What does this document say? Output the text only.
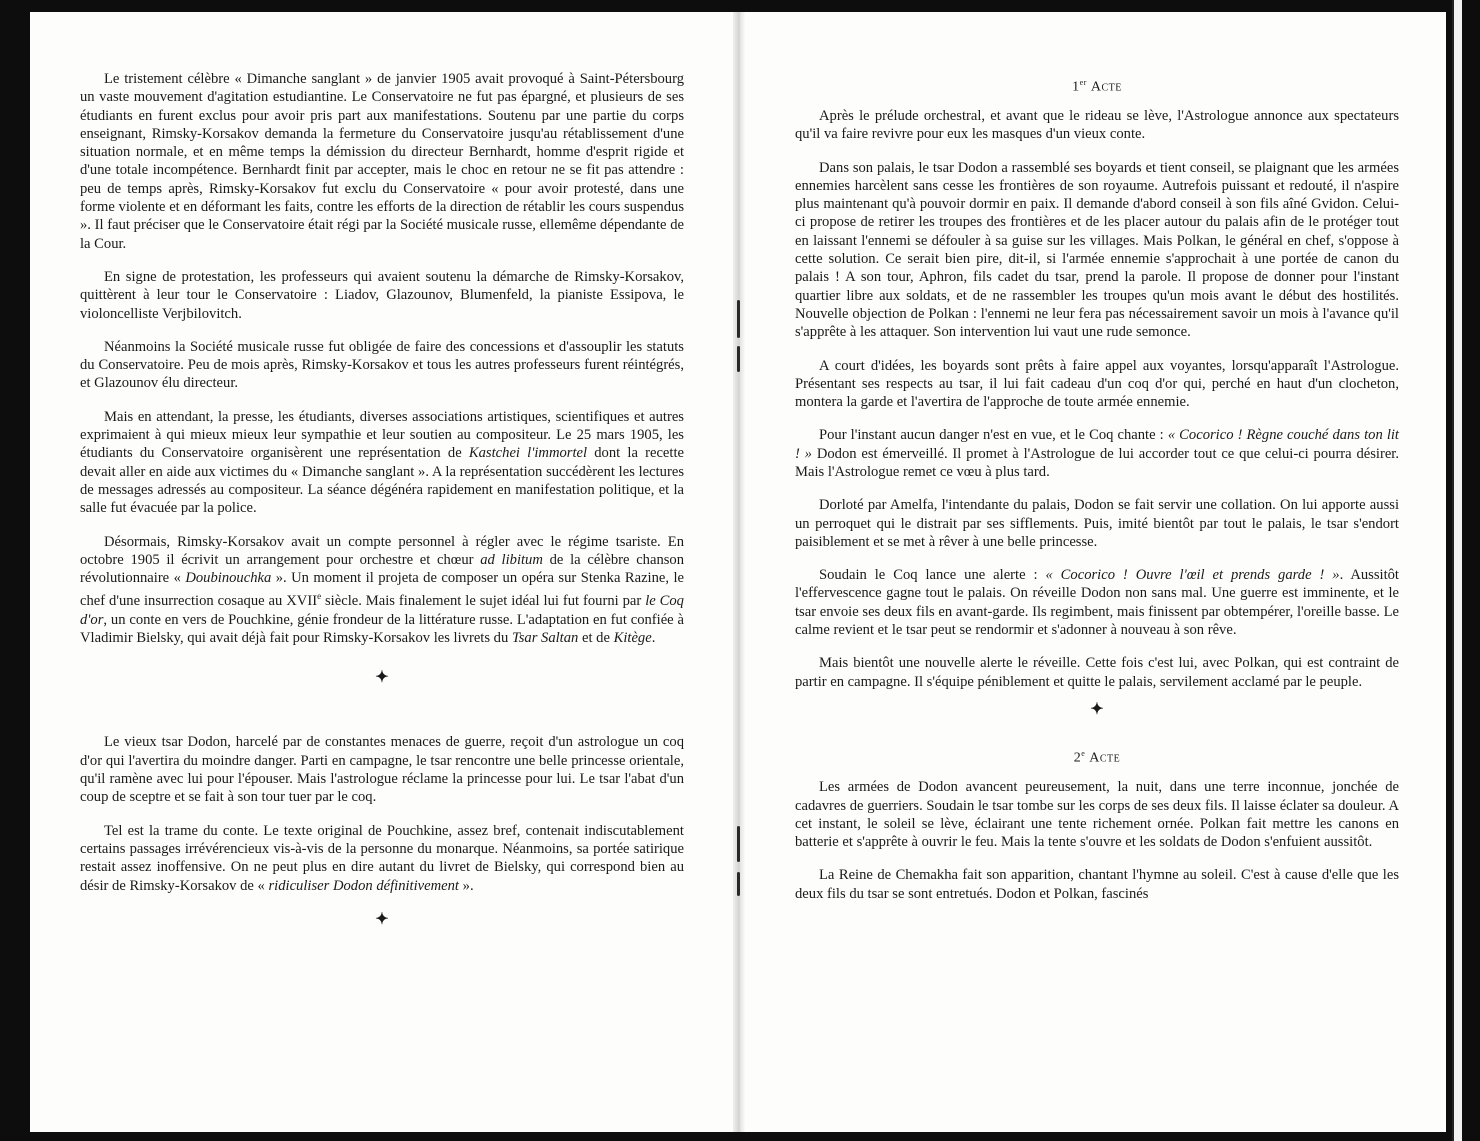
Le tristement célèbre « Dimanche sanglant » de janvier 1905 avait provoqué à Saint-Pétersbourg un vaste mouvement d'agitation estudiantine. Le Conservatoire ne fut pas épargné, et plusieurs de ses étudiants en furent exclus pour avoir pris part aux manifestations. Soutenu par une partie du corps enseignant, Rimsky-Korsakov demanda la fermeture du Conservatoire jusqu'au rétablissement d'une situation normale, et en même temps la démission du directeur Bernhardt, homme d'esprit rigide et d'une totale incompétence. Bernhardt finit par accepter, mais le choc en retour ne se fit pas attendre : peu de temps après, Rimsky-Korsakov fut exclu du Conservatoire « pour avoir protesté, dans une forme violente et en déformant les faits, contre les efforts de la direction de rétablir les cours suspendus ». Il faut préciser que le Conservatoire était régi par la Société musicale russe, ellemême dépendante de la Cour.

En signe de protestation, les professeurs qui avaient soutenu la démarche de Rimsky-Korsakov, quittèrent à leur tour le Conservatoire : Liadov, Glazounov, Blumenfeld, la pianiste Essipova, le violoncelliste Verjbilovitch.

Néanmoins la Société musicale russe fut obligée de faire des concessions et d'assouplir les statuts du Conservatoire. Peu de mois après, Rimsky-Korsakov et tous les autres professeurs furent réintégrés, et Glazounov élu directeur.

Mais en attendant, la presse, les étudiants, diverses associations artistiques, scientifiques et autres exprimaient à qui mieux mieux leur sympathie et leur soutien au compositeur. Le 25 mars 1905, les étudiants du Conservatoire organisèrent une représentation de Kastchei l'immortel dont la recette devait aller en aide aux victimes du « Dimanche sanglant ». A la représentation succédèrent les lectures de messages adressés au compositeur. La séance dégénéra rapidement en manifestation politique, et la salle fut évacuée par la police.

Désormais, Rimsky-Korsakov avait un compte personnel à régler avec le régime tsariste. En octobre 1905 il écrivit un arrangement pour orchestre et chœur ad libitum de la célèbre chanson révolutionnaire « Doubinouchka ». Un moment il projeta de composer un opéra sur Stenka Razine, le chef d'une insurrection cosaque au XVIIe siècle. Mais finalement le sujet idéal lui fut fourni par le Coq d'or, un conte en vers de Pouchkine, génie frondeur de la littérature russe. L'adaptation en fut confiée à Vladimir Bielsky, qui avait déjà fait pour Rimsky-Korsakov les livrets du Tsar Saltan et de Kitège.

✦

Le vieux tsar Dodon, harcelé par de constantes menaces de guerre, reçoit d'un astrologue un coq d'or qui l'avertira du moindre danger. Parti en campagne, le tsar rencontre une belle princesse orientale, qu'il ramène avec lui pour l'épouser. Mais l'astrologue réclame la princesse pour lui. Le tsar l'abat d'un coup de sceptre et se fait à son tour tuer par le coq.

Tel est la trame du conte. Le texte original de Pouchkine, assez bref, contenait indiscutablement certains passages irrévérencieux vis-à-vis de la personne du monarque. Néanmoins, sa portée satirique restait assez inoffensive. On ne peut plus en dire autant du livret de Bielsky, qui correspond bien au désir de Rimsky-Korsakov de « ridiculiser Dodon définitivement ».

✦
1er Acte

Après le prélude orchestral, et avant que le rideau se lève, l'Astrologue annonce aux spectateurs qu'il va faire revivre pour eux les masques d'un vieux conte.

Dans son palais, le tsar Dodon a rassemblé ses boyards et tient conseil, se plaignant que les armées ennemies harcèlent sans cesse les frontières de son royaume. Autrefois puissant et redouté, il n'aspire plus maintenant qu'à pouvoir dormir en paix. Il demande d'abord conseil à son fils aîné Gvidon. Celui-ci propose de retirer les troupes des frontières et de les placer autour du palais afin de le protéger tout en laissant l'ennemi se défouler à sa guise sur les villages. Mais Polkan, le général en chef, s'oppose à cette solution. Ce serait bien pire, dit-il, si l'armée ennemie s'approchait à une portée de canon du palais ! A son tour, Aphron, fils cadet du tsar, prend la parole. Il propose de donner pour l'instant quartier libre aux soldats, et de ne rassembler les troupes qu'un mois avant le début des hostilités. Nouvelle objection de Polkan : l'ennemi ne leur fera pas nécessairement savoir un mois à l'avance qu'il s'apprête à les attaquer. Son intervention lui vaut une rude semonce.

A court d'idées, les boyards sont prêts à faire appel aux voyantes, lorsqu'apparaît l'Astrologue. Présentant ses respects au tsar, il lui fait cadeau d'un coq d'or qui, perché en haut d'un clocheton, montera la garde et l'avertira de l'approche de toute armée ennemie.

Pour l'instant aucun danger n'est en vue, et le Coq chante : « Cocorico ! Règne couché dans ton lit ! » Dodon est émerveillé. Il promet à l'Astrologue de lui accorder tout ce que celui-ci pourra désirer. Mais l'Astrologue remet ce vœu à plus tard.

Dorloté par Amelfa, l'intendante du palais, Dodon se fait servir une collation. On lui apporte aussi un perroquet qui le distrait par ses sifflements. Puis, imité bientôt par tout le palais, le tsar s'endort paisiblement et se met à rêver à une belle princesse.

Soudain le Coq lance une alerte : « Cocorico ! Ouvre l'œil et prends garde ! ». Aussitôt l'effervescence gagne tout le palais. On réveille Dodon non sans mal. Une guerre est imminente, et le tsar envoie ses deux fils en avant-garde. Ils regimbent, mais finissent par obtempérer, l'oreille basse. Le calme revient et le tsar peut se rendormir et s'adonner à nouveau à son rêve.

Mais bientôt une nouvelle alerte le réveille. Cette fois c'est lui, avec Polkan, qui est contraint de partir en campagne. Il s'équipe péniblement et quitte le palais, servilement acclamé par le peuple.

✦
2e Acte

Les armées de Dodon avancent peureusement, la nuit, dans une terre inconnue, jonchée de cadavres de guerriers. Soudain le tsar tombe sur les corps de ses deux fils. Il laisse éclater sa douleur. A cet instant, le soleil se lève, éclairant une tente richement ornée. Polkan fait mettre les canons en batterie et s'apprête à ouvrir le feu. Mais la tente s'ouvre et les soldats de Dodon s'enfuient aussitôt.

La Reine de Chemakha fait son apparition, chantant l'hymne au soleil. C'est à cause d'elle que les deux fils du tsar se sont entretués. Dodon et Polkan, fascinés
